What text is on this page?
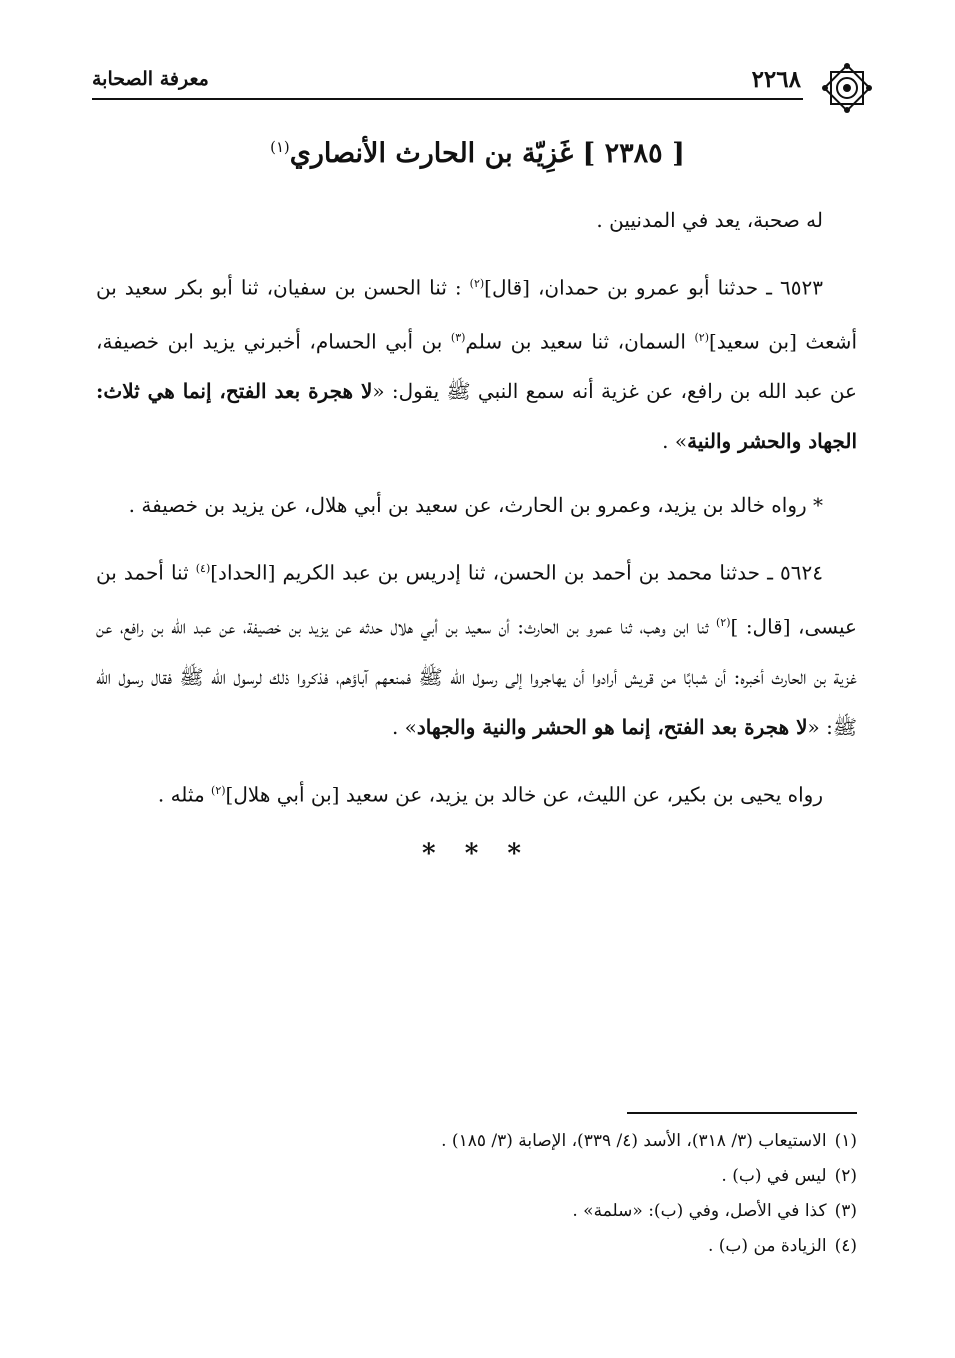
٢٢٦٨
معرفة الصحابة
[ ٢٣٨٥ ] غَزِيّة بن الحارث الأنصاري$^{(١)}$

له صحبة، يعد في المدنيين .

٦٥٢٣ ـ حدثنا أبو عمرو بن حمدان، [قال]$^{(٢)}$ : ثنا الحسن بن سفيان، ثنا أبو بكر سعيد بن أشعث [بن سعيد]$^{(٢)}$ السمان، ثنا سعيد بن سلم$^{(٣)}$ بن أبي الحسام، أخبرني يزيد ابن خصيفة، عن عبد الله بن رافع، عن غزية أنه سمع النبي ﷺ يقول: «لا هجرة بعد الفتح، إنما هي ثلاث: الجهاد والحشر والنية» .

* رواه خالد بن يزيد، وعمرو بن الحارث، عن سعيد بن أبي هلال، عن يزيد بن خصيفة .

٥٦٢٤ ـ حدثنا محمد بن أحمد بن الحسن، ثنا إدريس بن عبد الكريم [الحداد]$^{(٤)}$ ثنا أحمد بن عيسى، [قال: ]$^{(٢)}$ ثنا ابن وهب، ثنا عمرو بن الحارث: أن سعيد بن أبي هلال حدثه عن يزيد بن خصيفة، عن عبد الله بن رافع، عن غزية بن الحارث أخبره: أن شبابًا من قريش أرادوا أن يهاجروا إلى رسول الله ﷺ فمنعهم آباؤهم، فذكروا ذلك لرسول الله ﷺ فقال رسول الله ﷺ: «لا هجرة بعد الفتح، إنما هو الحشر والنية والجهاد» .

رواه يحيى بن بكير، عن الليث، عن خالد بن يزيد، عن سعيد [بن أبي هلال]$^{(٢)}$ مثله .

* * *

(١)الاستيعاب (٣/ ٣١٨)، الأسد (٤/ ٣٣٩)، الإصابة (٣/ ١٨٥) .

(٢)ليس في (ب) .

(٣)كذا في الأصل، وفي (ب): «سلمة» .

(٤)الزيادة من (ب) .
